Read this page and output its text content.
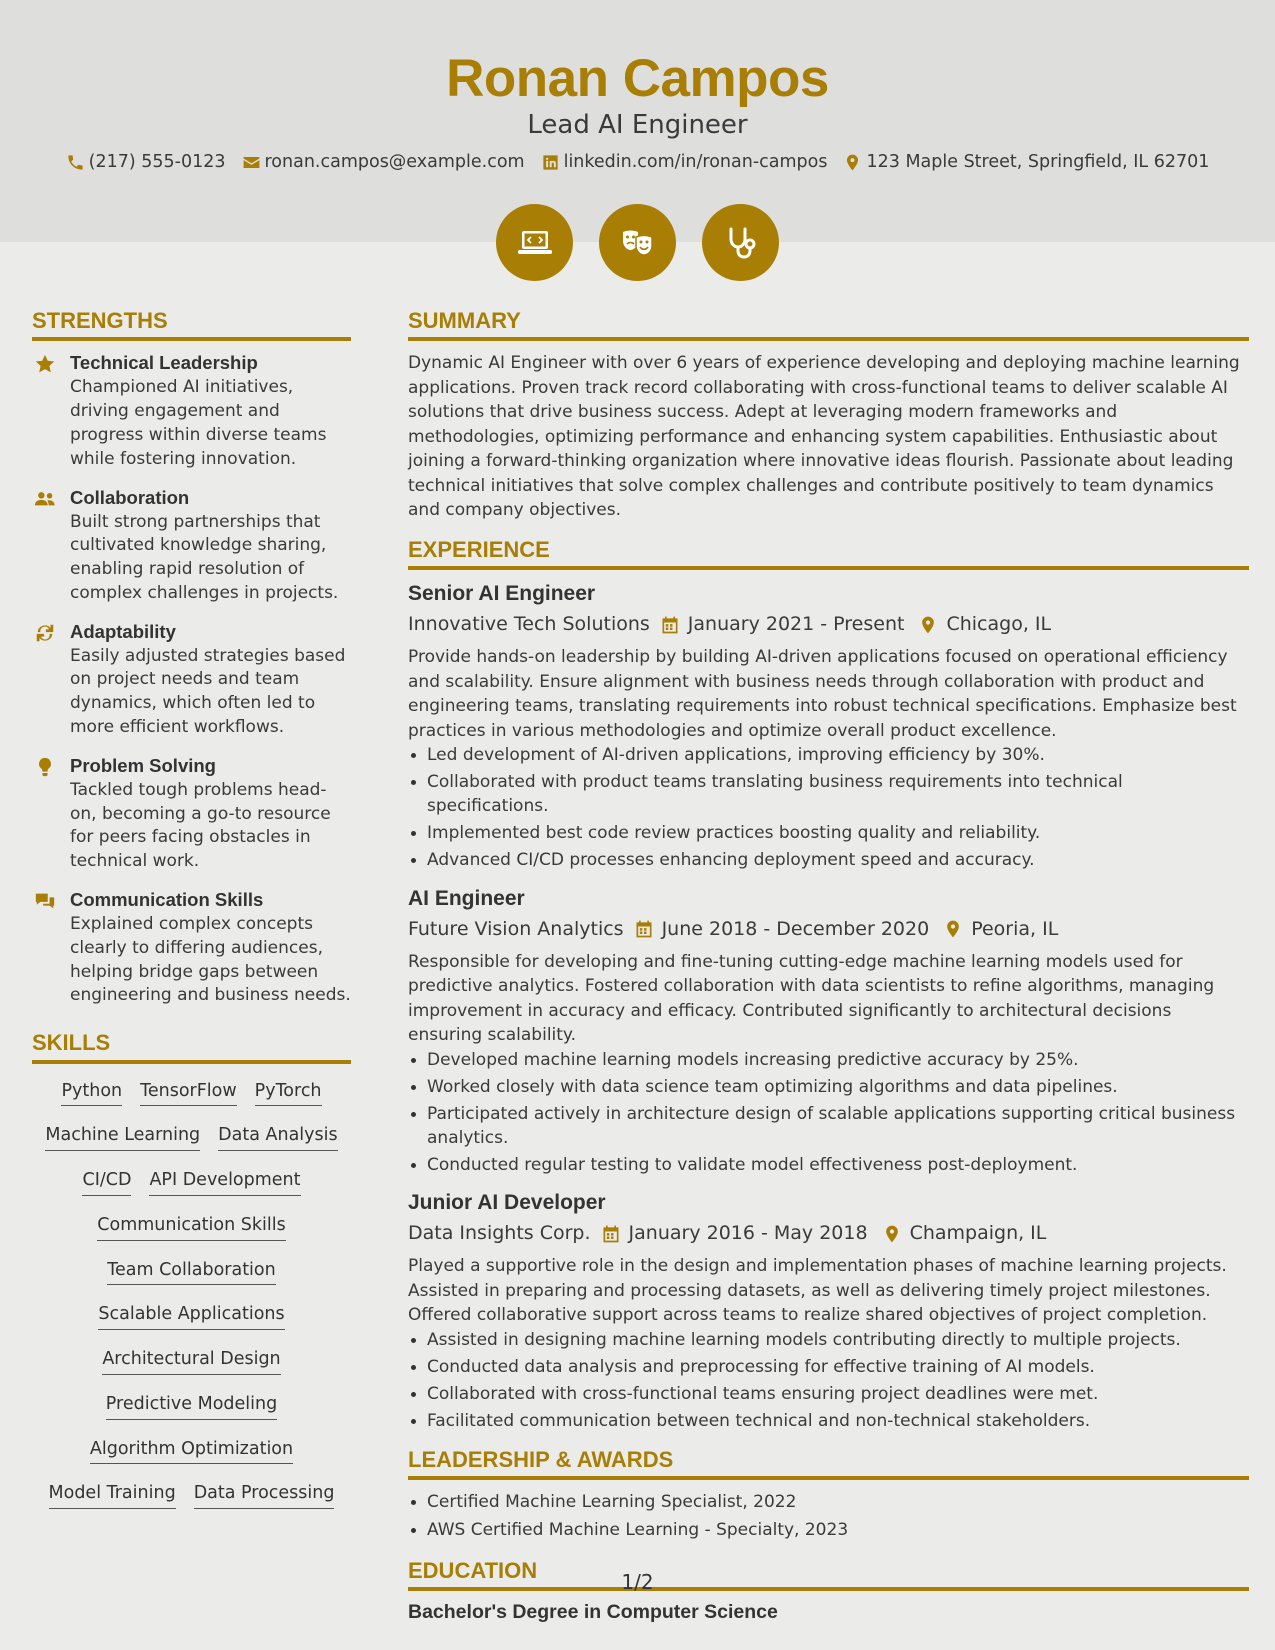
Ronan Campos
Lead AI Engineer
(217) 555-0123 ronan.campos@example.com linkedin.com/in/ronan-campos 123 Maple Street, Springfield, IL 62701
STRENGTHS
Technical Leadership
Championed AI initiatives, driving engagement and progress within diverse teams while fostering innovation.
Collaboration
Built strong partnerships that cultivated knowledge sharing, enabling rapid resolution of complex challenges in projects.
Adaptability
Easily adjusted strategies based on project needs and team dynamics, which often led to more efficient workflows.
Problem Solving
Tackled tough problems head-on, becoming a go-to resource for peers facing obstacles in technical work.
Communication Skills
Explained complex concepts clearly to differing audiences, helping bridge gaps between engineering and business needs.
SKILLS
Python TensorFlow PyTorch
Machine Learning Data Analysis
CI/CD API Development
Communication Skills
Team Collaboration
Scalable Applications
Architectural Design
Predictive Modeling
Algorithm Optimization
Model Training Data Processing
SUMMARY
Dynamic AI Engineer with over 6 years of experience developing and deploying machine learning applications. Proven track record collaborating with cross-functional teams to deliver scalable AI solutions that drive business success. Adept at leveraging modern frameworks and methodologies, optimizing performance and enhancing system capabilities. Enthusiastic about joining a forward-thinking organization where innovative ideas flourish. Passionate about leading technical initiatives that solve complex challenges and contribute positively to team dynamics and company objectives.
EXPERIENCE
Senior AI Engineer
Innovative Tech Solutions January 2021 - Present Chicago, IL
Provide hands-on leadership by building AI-driven applications focused on operational efficiency and scalability. Ensure alignment with business needs through collaboration with product and engineering teams, translating requirements into robust technical specifications. Emphasize best practices in various methodologies and optimize overall product excellence.
Led development of AI-driven applications, improving efficiency by 30%.
Collaborated with product teams translating business requirements into technical specifications.
Implemented best code review practices boosting quality and reliability.
Advanced CI/CD processes enhancing deployment speed and accuracy.
AI Engineer
Future Vision Analytics June 2018 - December 2020 Peoria, IL
Responsible for developing and fine-tuning cutting-edge machine learning models used for predictive analytics. Fostered collaboration with data scientists to refine algorithms, managing improvement in accuracy and efficacy. Contributed significantly to architectural decisions ensuring scalability.
Developed machine learning models increasing predictive accuracy by 25%.
Worked closely with data science team optimizing algorithms and data pipelines.
Participated actively in architecture design of scalable applications supporting critical business analytics.
Conducted regular testing to validate model effectiveness post-deployment.
Junior AI Developer
Data Insights Corp. January 2016 - May 2018 Champaign, IL
Played a supportive role in the design and implementation phases of machine learning projects. Assisted in preparing and processing datasets, as well as delivering timely project milestones. Offered collaborative support across teams to realize shared objectives of project completion.
Assisted in designing machine learning models contributing directly to multiple projects.
Conducted data analysis and preprocessing for effective training of AI models.
Collaborated with cross-functional teams ensuring project deadlines were met.
Facilitated communication between technical and non-technical stakeholders.
LEADERSHIP & AWARDS
Certified Machine Learning Specialist, 2022
AWS Certified Machine Learning - Specialty, 2023
EDUCATION
Bachelor's Degree in Computer Science
1/2
